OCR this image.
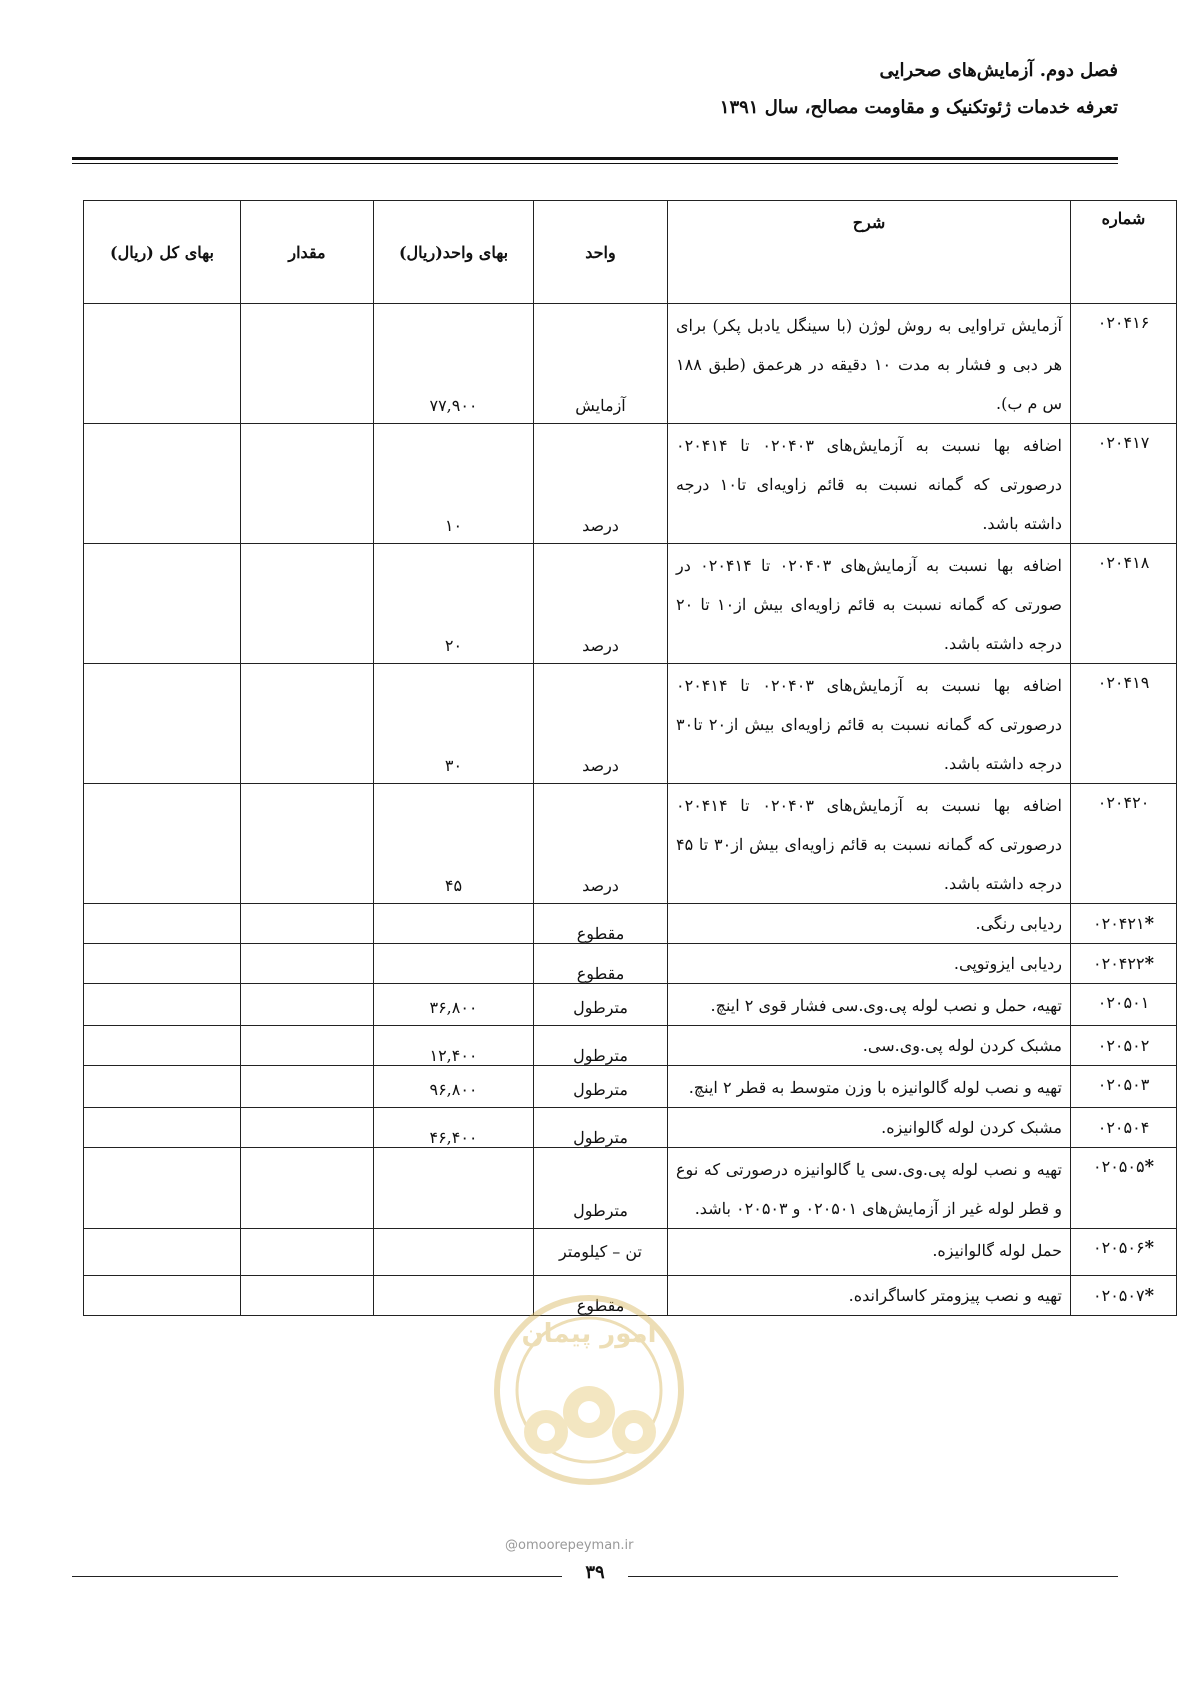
فصل دوم. آزمایش‌های صحرایی
تعرفه خدمات ژئوتکنیک و مقاومت مصالح، سال ۱۳۹۱
شماره	شرح	واحد	بهای واحد(ریال)	مقدار	بهای کل (ریال)
۰۲۰۴۱۶	آزمایش تراوایی به روش لوژن (با سینگل یادبل پکر) برای هر دبی و فشار به مدت ۱۰ دقیقه در هرعمق (طبق ۱۸۸ س م ب).	آزمایش	۷۷,۹۰۰		
۰۲۰۴۱۷	اضافه بها نسبت به آزمایش‌های ۰۲۰۴۰۳ تا ۰۲۰۴۱۴ درصورتی که گمانه نسبت به قائم زاویه‌ای تا۱۰ درجه داشته باشد.	درصد	۱۰		
۰۲۰۴۱۸	اضافه بها نسبت به آزمایش‌های ۰۲۰۴۰۳ تا ۰۲۰۴۱۴ در صورتی که گمانه نسبت به قائم زاویه‌ای بیش از۱۰ تا ۲۰ درجه داشته باشد.	درصد	۲۰		
۰۲۰۴۱۹	اضافه بها نسبت به آزمایش‌های ۰۲۰۴۰۳ تا ۰۲۰۴۱۴ درصورتی که گمانه نسبت به قائم زاویه‌ای بیش از۲۰ تا۳۰ درجه داشته باشد.	درصد	۳۰		
۰۲۰۴۲۰	اضافه بها نسبت به آزمایش‌های ۰۲۰۴۰۳ تا ۰۲۰۴۱۴ درصورتی که گمانه نسبت به قائم زاویه‌ای بیش از۳۰ تا ۴۵ درجه داشته باشد.	درصد	۴۵		
*۰۲۰۴۲۱	ردیابی رنگی.	مقطوع			
*۰۲۰۴۲۲	ردیابی ایزوتوپی.	مقطوع			
۰۲۰۵۰۱	تهیه، حمل و نصب لوله پی.وی.سی فشار قوی ۲ اینچ.	مترطول	۳۶,۸۰۰		
۰۲۰۵۰۲	مشبک کردن لوله پی.وی.سی.	مترطول	۱۲,۴۰۰		
۰۲۰۵۰۳	تهیه و نصب لوله گالوانیزه با وزن متوسط به قطر ۲ اینچ.	مترطول	۹۶,۸۰۰		
۰۲۰۵۰۴	مشبک کردن لوله گالوانیزه.	مترطول	۴۶,۴۰۰		
*۰۲۰۵۰۵	تهیه و نصب لوله پی.وی.سی یا گالوانیزه درصورتی که نوع و قطر لوله غیر از آزمایش‌های ۰۲۰۵۰۱ و ۰۲۰۵۰۳ باشد.	مترطول			
*۰۲۰۵۰۶	حمل لوله گالوانیزه.	تن – کیلومتر			
*۰۲۰۵۰۷	تهیه و نصب پیزومتر کاساگرانده.	مقطوع			
امور پیمان
@omoorepeyman.ir
۳۹
